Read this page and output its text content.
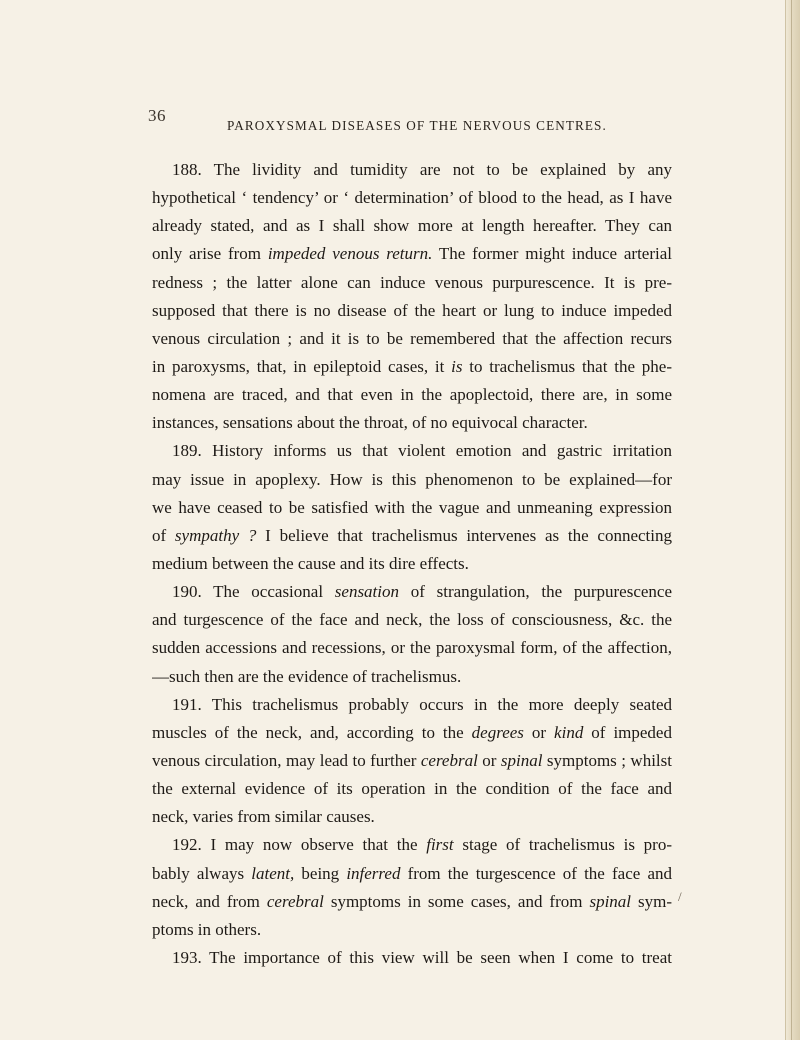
36
PAROXYSMAL DISEASES OF THE NERVOUS CENTRES.
188. The lividity and tumidity are not to be explained by any
hypothetical ‘ tendency’ or ‘ determination’ of blood to the head, as I have
already stated, and as I shall show more at length hereafter. They can
only arise from impeded venous return. The former might induce arterial
redness ; the latter alone can induce venous purpurescence. It is pre-
supposed that there is no disease of the heart or lung to induce impeded
venous circulation ; and it is to be remembered that the affection recurs
in paroxysms, that, in epileptoid cases, it is to trachelismus that the phe-
nomena are traced, and that even in the apoplectoid, there are, in some
instances, sensations about the throat, of no equivocal character.
189. History informs us that violent emotion and gastric irritation
may issue in apoplexy. How is this phenomenon to be explained—for
we have ceased to be satisfied with the vague and unmeaning expression
of sympathy ? I believe that trachelismus intervenes as the connecting
medium between the cause and its dire effects.
190. The occasional sensation of strangulation, the purpurescence
and turgescence of the face and neck, the loss of consciousness, &c. the
sudden accessions and recessions, or the paroxysmal form, of the affection,
—such then are the evidence of trachelismus.
191. This trachelismus probably occurs in the more deeply seated
muscles of the neck, and, according to the degrees or kind of impeded
venous circulation, may lead to further cerebral or spinal symptoms ; whilst
the external evidence of its operation in the condition of the face and
neck, varies from similar causes.
192. I may now observe that the first stage of trachelismus is pro-
bably always latent, being inferred from the turgescence of the face and
neck, and from cerebral symptoms in some cases, and from spinal sym-
ptoms in others.
193. The importance of this view will be seen when I come to treat
/
